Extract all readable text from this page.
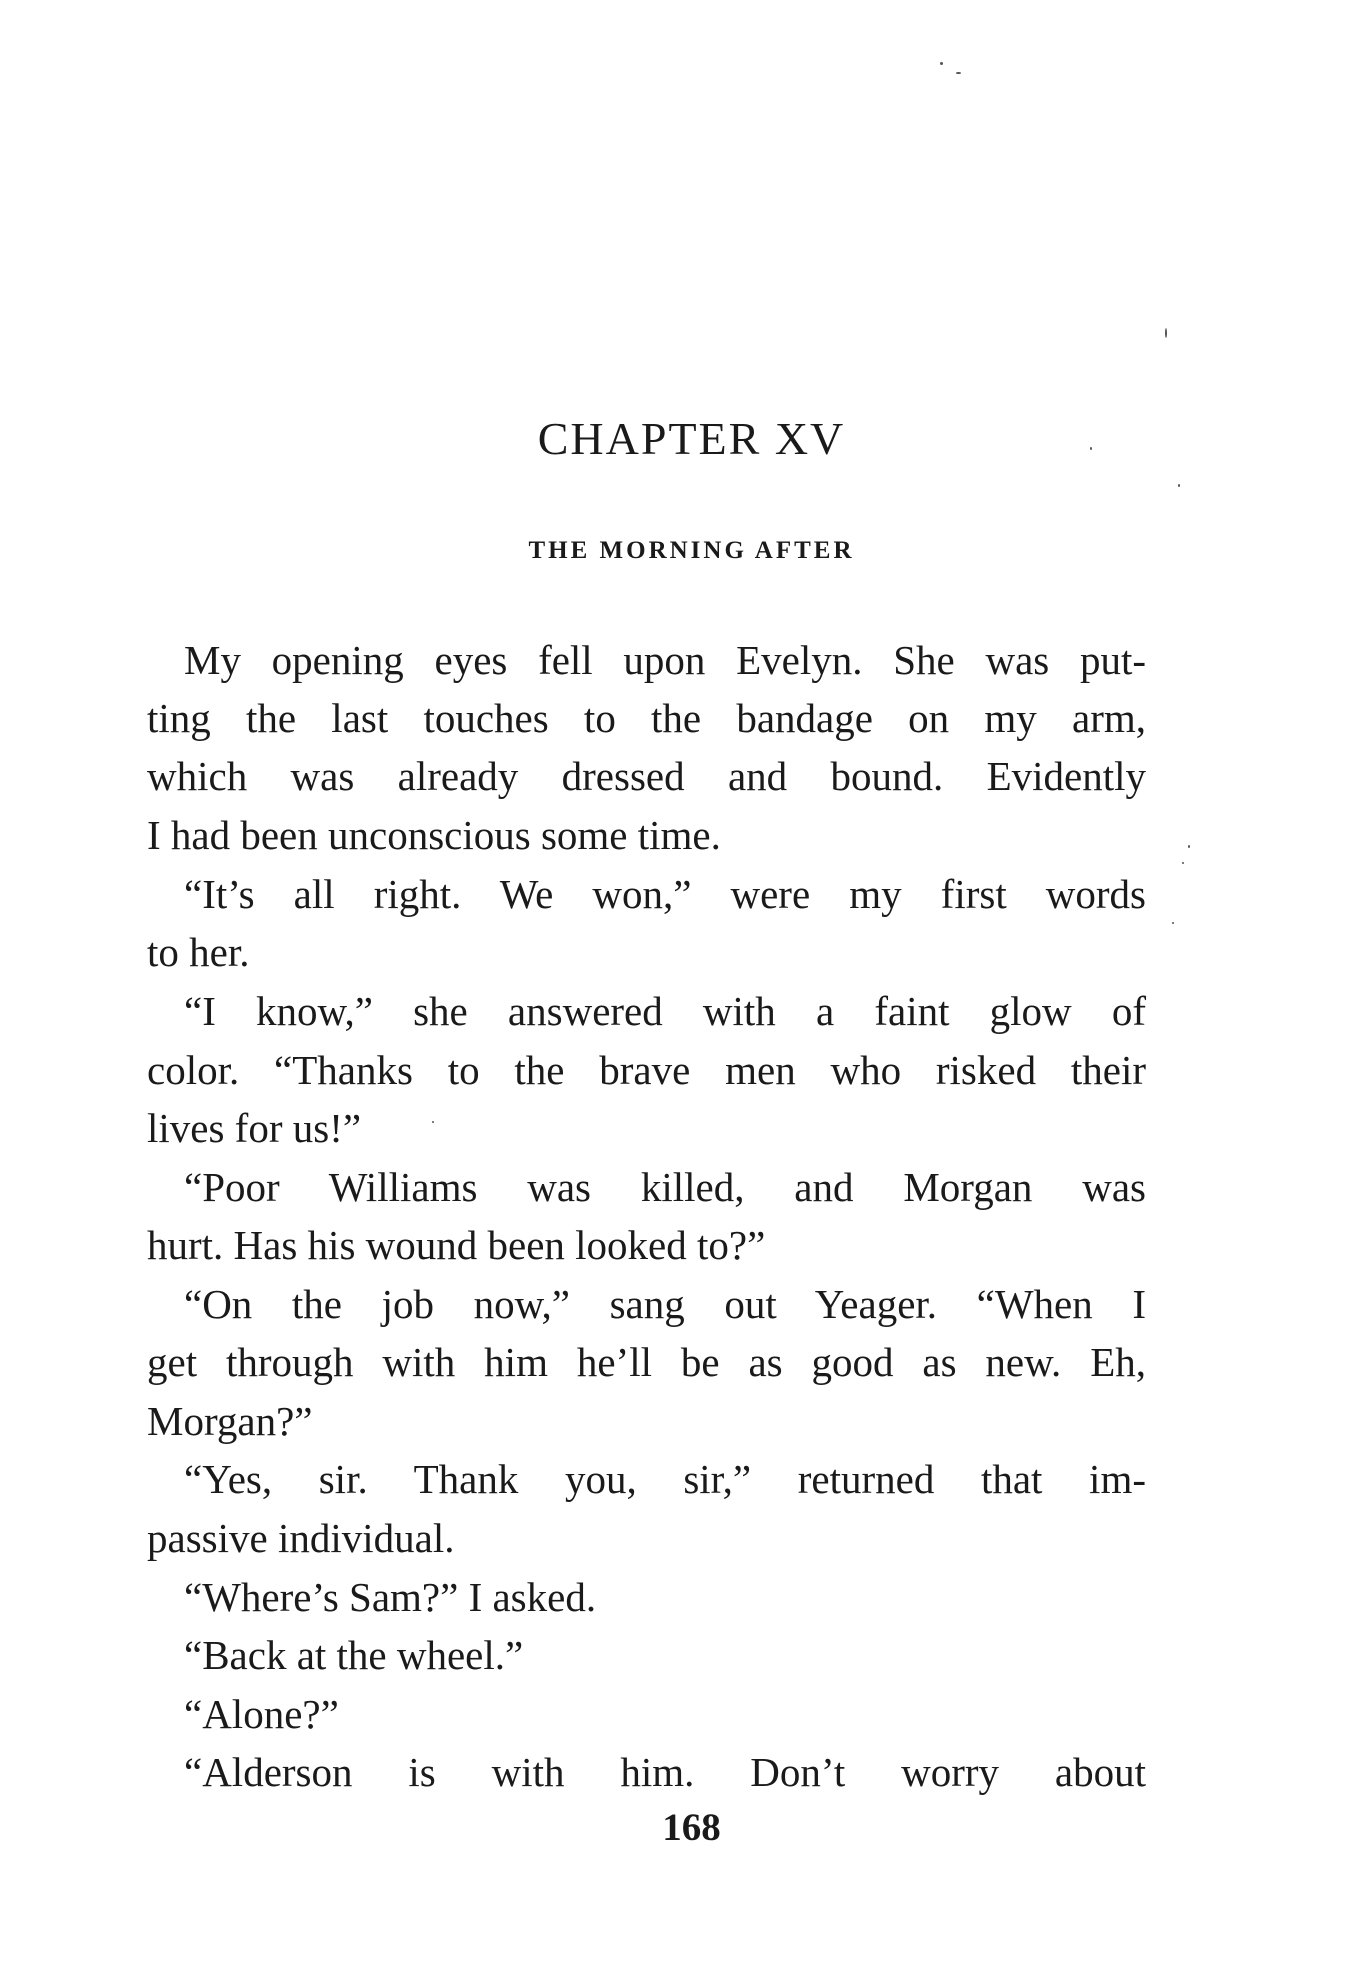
CHAPTER XV
THE MORNING AFTER
My opening eyes fell upon Evelyn. She was put-
ting the last touches to the bandage on my arm,
which was already dressed and bound. Evidently
I had been unconscious some time.
“It’s all right. We won,” were my first words
to her.
“I know,” she answered with a faint glow of
color. “Thanks to the brave men who risked their
lives for us!”
“Poor Williams was killed, and Morgan was
hurt. Has his wound been looked to?”
“On the job now,” sang out Yeager. “When I
get through with him he’ll be as good as new. Eh,
Morgan?”
“Yes, sir. Thank you, sir,” returned that im-
passive individual.
“Where’s Sam?” I asked.
“Back at the wheel.”
“Alone?”
“Alderson is with him. Don’t worry about
168
